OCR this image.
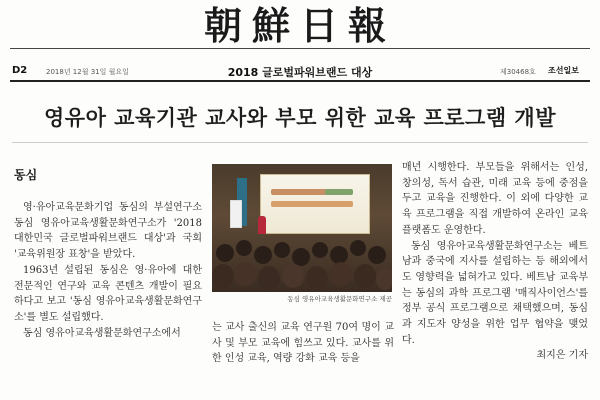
朝鮮日報
D2	2018년 12월 31일 월요일	2018 글로벌파워브랜드 대상	제30468호 조선일보
영유아 교육기관 교사와 부모 위한 교육 프로그램 개발
동심

영·유아교육문화기업 동심의 부설연구소 동심 영유아교육생활문화연구소가 '2018 대한민국 글로벌파워브랜드 대상'과 국회 '교육위원장 표창'을 받았다.

1963년 설립된 동심은 영·유아에 대한 전문적인 연구와 교육 콘텐츠 개발이 필요하다고 보고 '동심 영유아교육생활문화연구소'를 별도 설립했다.

동심 영유아교육생활문화연구소에서

동심 영유아교육생활문화연구소 제공

는 교사 출신의 교육 연구원 70여 명이 교사 및 부모 교육에 힘쓰고 있다. 교사를 위한 인성 교육, 역량 강화 교육 등을

매년 시행한다. 부모들을 위해서는 인성, 창의성, 독서 습관, 미래 교육 등에 중점을 두고 교육을 진행한다. 이 외에 다양한 교육 프로그램을 직접 개발하여 온라인 교육 플랫폼도 운영한다.

동심 영유아교육생활문화연구소는 베트남과 중국에 지사를 설립하는 등 해외에서도 영향력을 넓혀가고 있다. 베트남 교육부는 동심의 과학 프로그램 '매직사이언스'를 정부 공식 프로그램으로 채택했으며, 동심과 지도자 양성을 위한 업무 협약을 맺었다.

최지은 기자
